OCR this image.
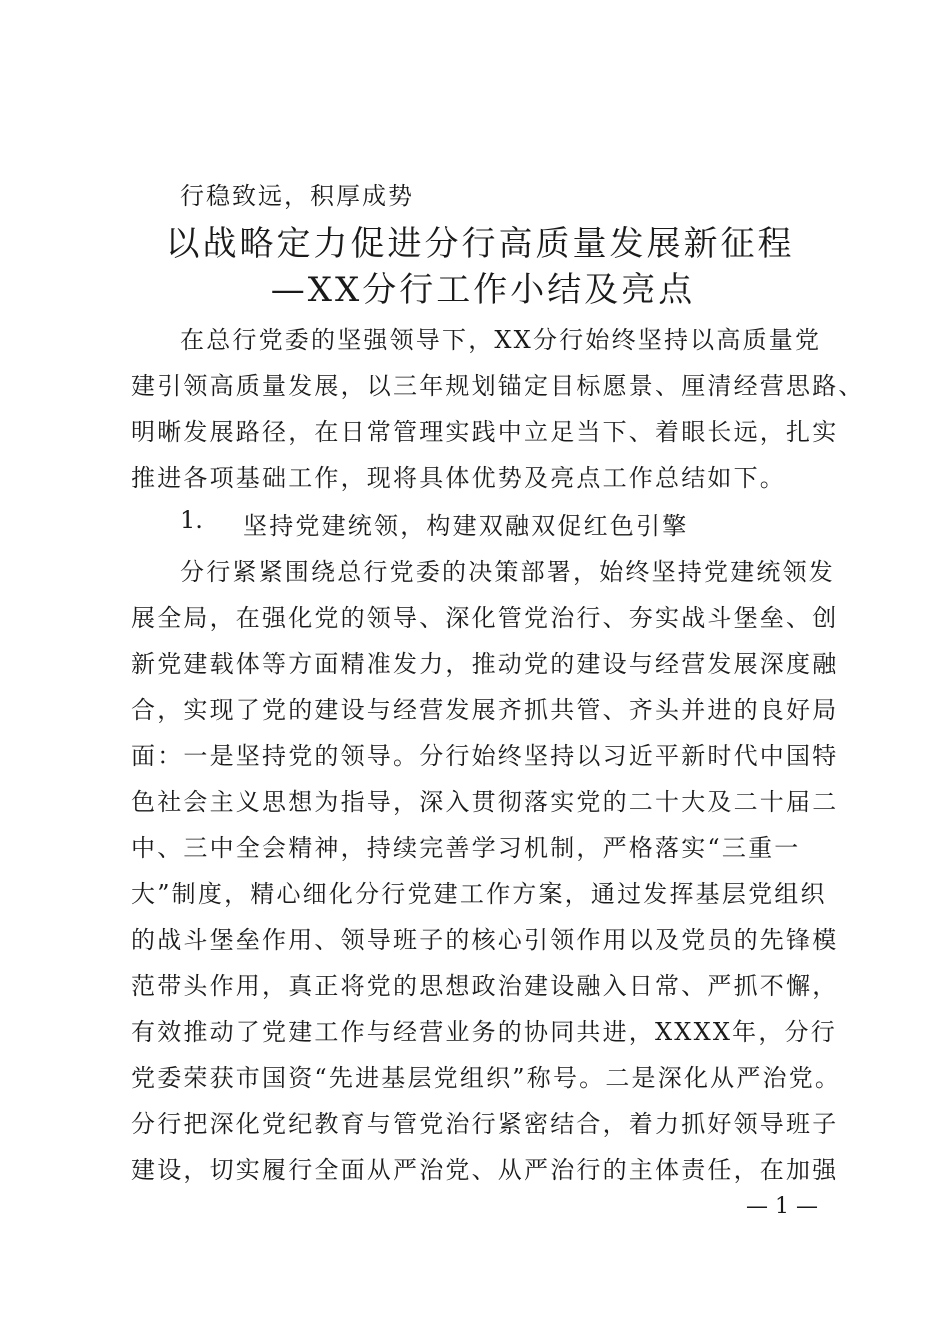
行稳致远，积厚成势
以战略定力促进分行高质量发展新征程
—XX分行工作小结及亮点
在总行党委的坚强领导下，XX分行始终坚持以高质量党
建引领高质量发展，以三年规划锚定目标愿景、厘清经营思路、
明晰发展路径，在日常管理实践中立足当下、着眼长远，扎实
推进各项基础工作，现将具体优势及亮点工作总结如下。
1. 坚持党建统领，构建双融双促红色引擎
分行紧紧围绕总行党委的决策部署，始终坚持党建统领发
展全局，在强化党的领导、深化管党治行、夯实战斗堡垒、创
新党建载体等方面精准发力，推动党的建设与经营发展深度融
合，实现了党的建设与经营发展齐抓共管、齐头并进的良好局
面：一是坚持党的领导。分行始终坚持以习近平新时代中国特
色社会主义思想为指导，深入贯彻落实党的二十大及二十届二
中、三中全会精神，持续完善学习机制，严格落实“三重一
大”制度，精心细化分行党建工作方案，通过发挥基层党组织
的战斗堡垒作用、领导班子的核心引领作用以及党员的先锋模
范带头作用，真正将党的思想政治建设融入日常、严抓不懈，
有效推动了党建工作与经营业务的协同共进，XXXX年，分行
党委荣获市国资“先进基层党组织”称号。二是深化从严治党。
分行把深化党纪教育与管党治行紧密结合，着力抓好领导班子
建设，切实履行全面从严治党、从严治行的主体责任，在加强
— 1 —
